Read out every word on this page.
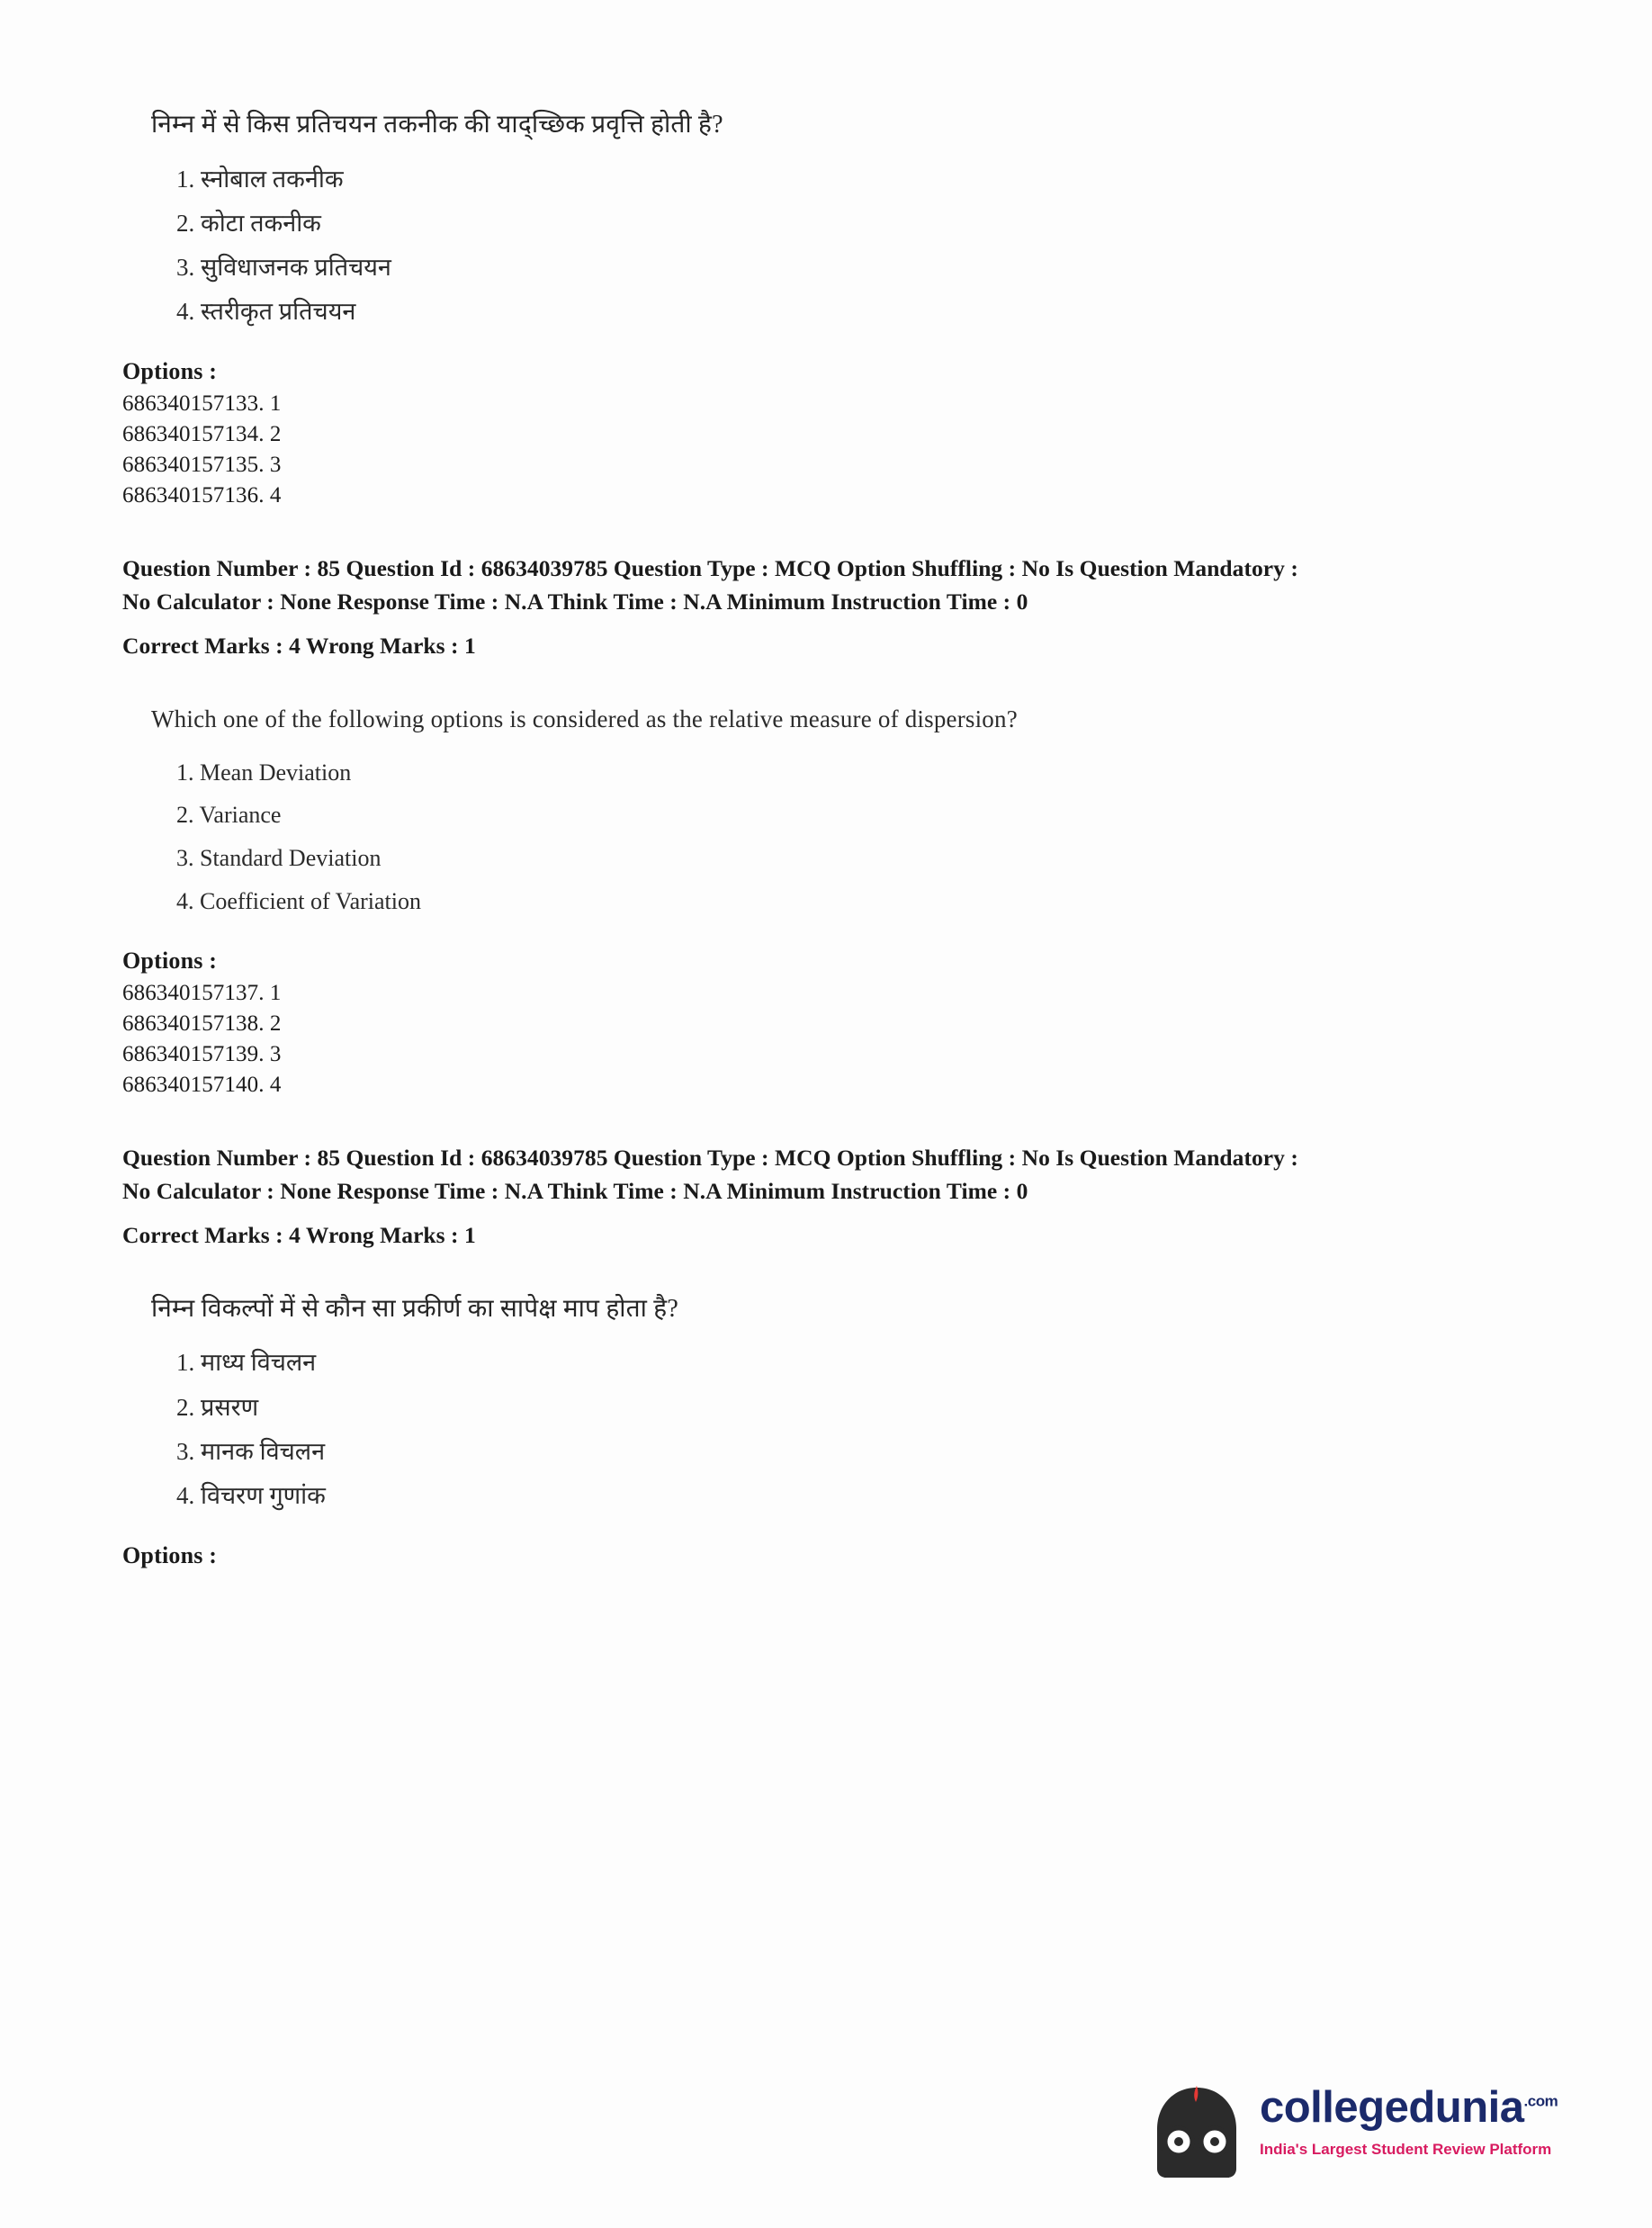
निम्न में से किस प्रतिचयन तकनीक की याद्च्छिक प्रवृत्ति होती है?

1. स्नोबाल तकनीक

2. कोटा तकनीक

3. सुविधाजनक प्रतिचयन

4. स्तरीकृत प्रतिचयन

Options :

686340157133. 1

686340157134. 2

686340157135. 3

686340157136. 4

Question Number : 85 Question Id : 68634039785 Question Type : MCQ Option Shuffling : No Is Question Mandatory :
No Calculator : None Response Time : N.A Think Time : N.A Minimum Instruction Time : 0
Correct Marks : 4 Wrong Marks : 1

Which one of the following options is considered as the relative measure of dispersion?

1. Mean Deviation

2. Variance

3. Standard Deviation

4. Coefficient of Variation

Options :

686340157137. 1

686340157138. 2

686340157139. 3

686340157140. 4

Question Number : 85 Question Id : 68634039785 Question Type : MCQ Option Shuffling : No Is Question Mandatory :
No Calculator : None Response Time : N.A Think Time : N.A Minimum Instruction Time : 0
Correct Marks : 4 Wrong Marks : 1

निम्न विकल्पों में से कौन सा प्रकीर्ण का सापेक्ष माप होता है?

1. माध्य विचलन

2. प्रसरण

3. मानक विचलन

4. विचरण गुणांक

Options :

collegedunia$^{.com}$
India's Largest Student Review Platform
